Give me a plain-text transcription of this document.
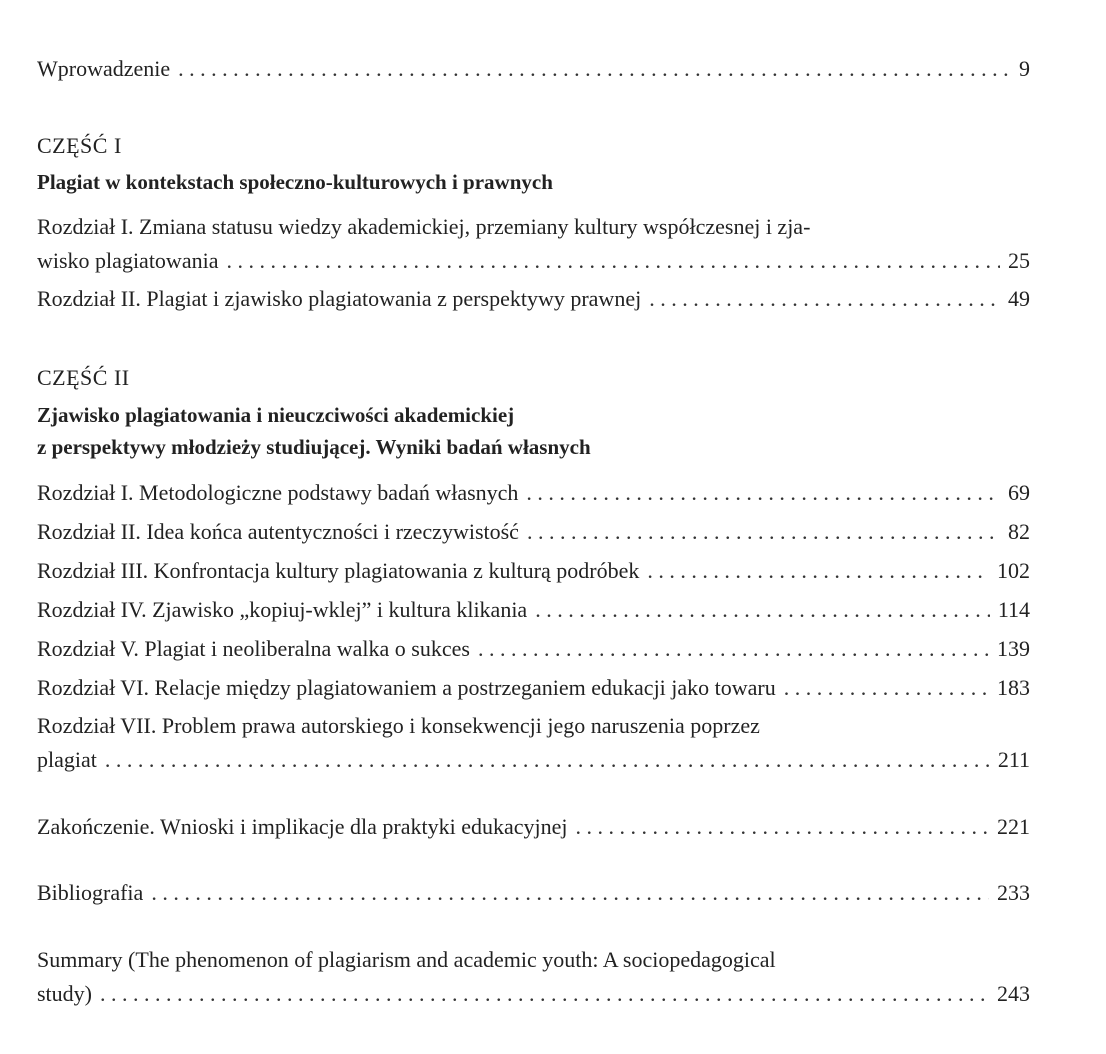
Wprowadzenie . . .	9
CZĘŚĆ I
Plagiat w kontekstach społeczno-kulturowych i prawnych
Rozdział I. Zmiana statusu wiedzy akademickiej, przemiany kultury współczesnej i zja-
wisko plagiatowania . . .	25
Rozdział II. Plagiat i zjawisko plagiatowania z perspektywy prawnej . . .	49
CZĘŚĆ II
Zjawisko plagiatowania i nieuczciwości akademickiej
z perspektywy młodzieży studiującej. Wyniki badań własnych
Rozdział I. Metodologiczne podstawy badań własnych . . .	69
Rozdział II. Idea końca autentyczności i rzeczywistość . . .	82
Rozdział III. Konfrontacja kultury plagiatowania z kulturą podróbek . . .	102
Rozdział IV. Zjawisko „kopiuj-wklej” i kultura klikania . . .	114
Rozdział V. Plagiat i neoliberalna walka o sukces . . .	139
Rozdział VI. Relacje między plagiatowaniem a postrzeganiem edukacji jako towaru . . .	183
Rozdział VII. Problem prawa autorskiego i konsekwencji jego naruszenia poprzez
plagiat . . .	211
Zakończenie. Wnioski i implikacje dla praktyki edukacyjnej . . .	221
Bibliografia . . .	233
Summary (The phenomenon of plagiarism and academic youth: A sociopedagogical
study) . . .	243
